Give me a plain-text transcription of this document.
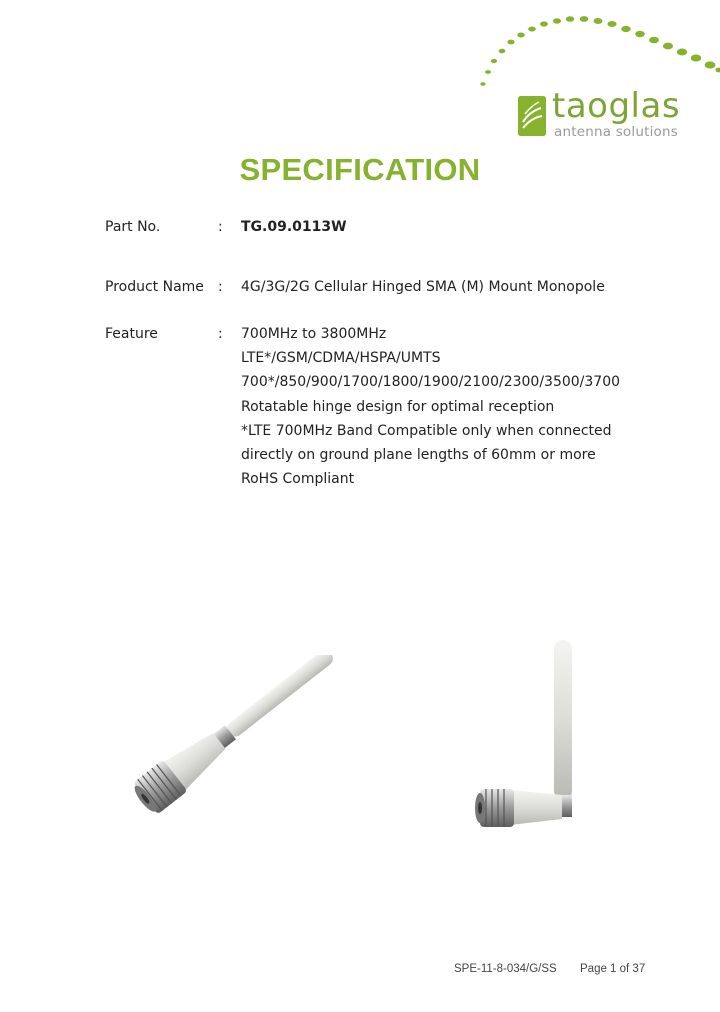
taoglas
antenna solutions
SPECIFICATION
Part No.	: TG.09.0113W
Product Name : 4G/3G/2G Cellular Hinged SMA (M) Mount Monopole
Feature	: 700MHz to 3800MHz
LTE*/GSM/CDMA/HSPA/UMTS
700*/850/900/1700/1800/1900/2100/2300/3500/3700
Rotatable hinge design for optimal reception
*LTE 700MHz Band Compatible only when connected
directly on ground plane lengths of 60mm or more
RoHS Compliant
SPE-11-8-034/G/SS Page 1 of 37
